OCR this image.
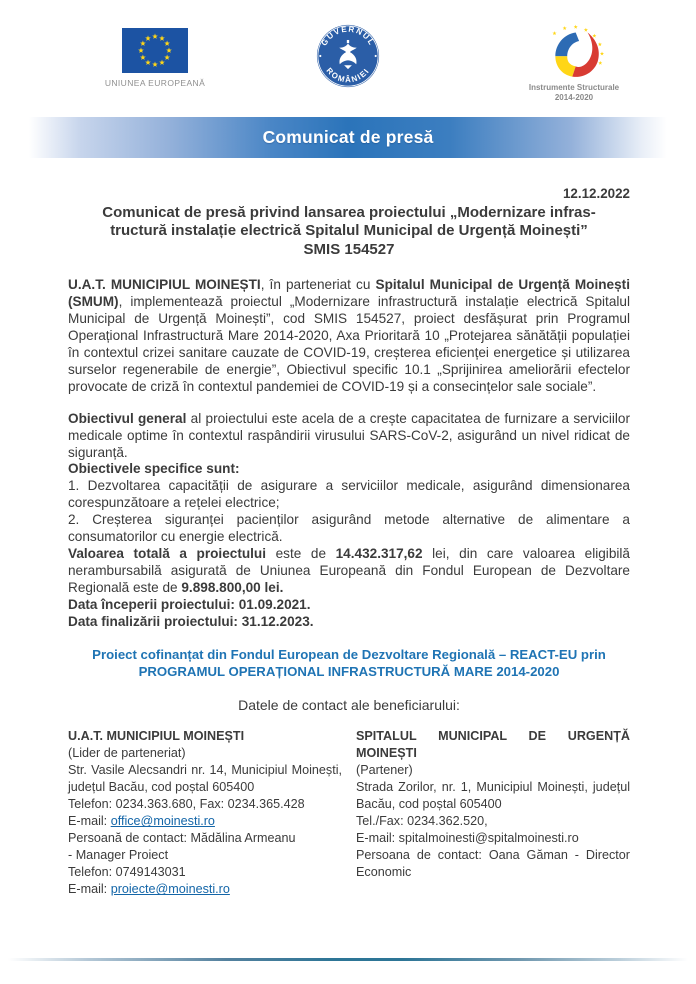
UNIUNEA EUROPEANĂ
GUVERNUL
ROMÂNIEI
Instrumente Structurale
2014-2020
Comunicat de presă
12.12.2022
Comunicat de presă privind lansarea proiectului „Modernizare infras-
tructură instalație electrică Spitalul Municipal de Urgență Moinești”
SMIS 154527

U.A.T. MUNICIPIUL MOINEȘTI, în parteneriat cu Spitalul Municipal de Urgență Moinești (SMUM), implementează proiectul „Modernizare infrastructură instalație electrică Spitalul Municipal de Urgență Moinești”, cod SMIS 154527, proiect desfășurat prin Programul Operațional Infrastructură Mare 2014-2020, Axa Prioritară 10 „Protejarea sănătății populației în contextul crizei sanitare cauzate de COVID-19, creșterea eficienței energetice și utilizarea surselor regenerabile de energie”, Obiectivul specific 10.1 „Sprijinirea ameliorării efectelor provocate de criză în contextul pandemiei de COVID-19 și a consecințelor sale sociale”.

Obiectivul general al proiectului este acela de a crește capacitatea de furnizare a serviciilor medicale optime în contextul raspândirii virusului SARS-CoV-2, asigurând un nivel ridicat de siguranță.

Obiectivele specifice sunt:

1. Dezvoltarea capacității de asigurare a serviciilor medicale, asigurând dimensionarea corespunzătoare a rețelei electrice;

2. Creșterea siguranței pacienților asigurând metode alternative de alimentare a consumatorilor cu energie electrică.

Valoarea totală a proiectului este de 14.432.317,62 lei, din care valoarea eligibilă nerambursabilă asigurată de Uniunea Europeană din Fondul European de Dezvoltare Regională este de 9.898.800,00 lei.

Data începerii proiectului: 01.09.2021.

Data finalizării proiectului: 31.12.2023.

Proiect cofinanțat din Fondul European de Dezvoltare Regională – REACT-EU prin
PROGRAMUL OPERAȚIONAL INFRASTRUCTURĂ MARE 2014-2020
Datele de contact ale beneficiarului:
U.A.T. MUNICIPIUL MOINEȘTI
(Lider de parteneriat)
Str. Vasile Alecsandri nr. 14, Municipiul Moinești, județul Bacău, cod poștal 605400
Telefon: 0234.363.680, Fax: 0234.365.428
E-mail: office@moinesti.ro
Persoană de contact: Mădălina Armeanu
- Manager Proiect
Telefon: 0749143031
E-mail: proiecte@moinesti.ro
SPITALUL MUNICIPAL DE URGENȚĂ MOINEȘTI
(Partener)
Strada Zorilor, nr. 1, Municipiul Moinești, județul Bacău, cod poștal 605400
Tel./Fax: 0234.362.520,
E-mail: spitalmoinesti@spitalmoinesti.ro
Persoana de contact: Oana Găman - Director Economic
